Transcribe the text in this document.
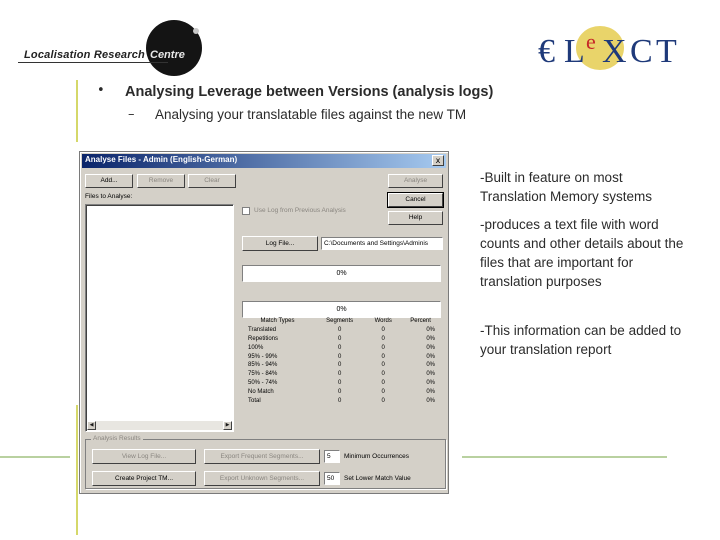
Localisation Research Centre	€ L e X C T
• Analysing Leverage between Versions (analysis logs)
– Analysing your translatable files against the new TM
-Built in feature on most Translation Memory systems
-produces a text file with word counts and other details about the files that are important for translation purposes
-This information can be added to your translation report
Analyse Files - Admin (English-German)	x
Add...	Remove	Clear
Files to Analyse:
◀	▶
Analyse
Cancel
Help
Use Log from Previous Analysis
Log File...	C:\Documents and Settings\Adminis
0%
0%
Match Types	Segments	Words	Percent
Translated	0	0	0%
Repetitions	0	0	0%
100%	0	0	0%
95% - 99%	0	0	0%
85% - 94%	0	0	0%
75% - 84%	0	0	0%
50% - 74%	0	0	0%
No Match	0	0	0%
Total	0	0	0%
Analysis Results
View Log File...	Export Frequent Segments...	5	Minimum Occurrences
Create Project TM...	Export Unknown Segments...	50	Set Lower Match Value
